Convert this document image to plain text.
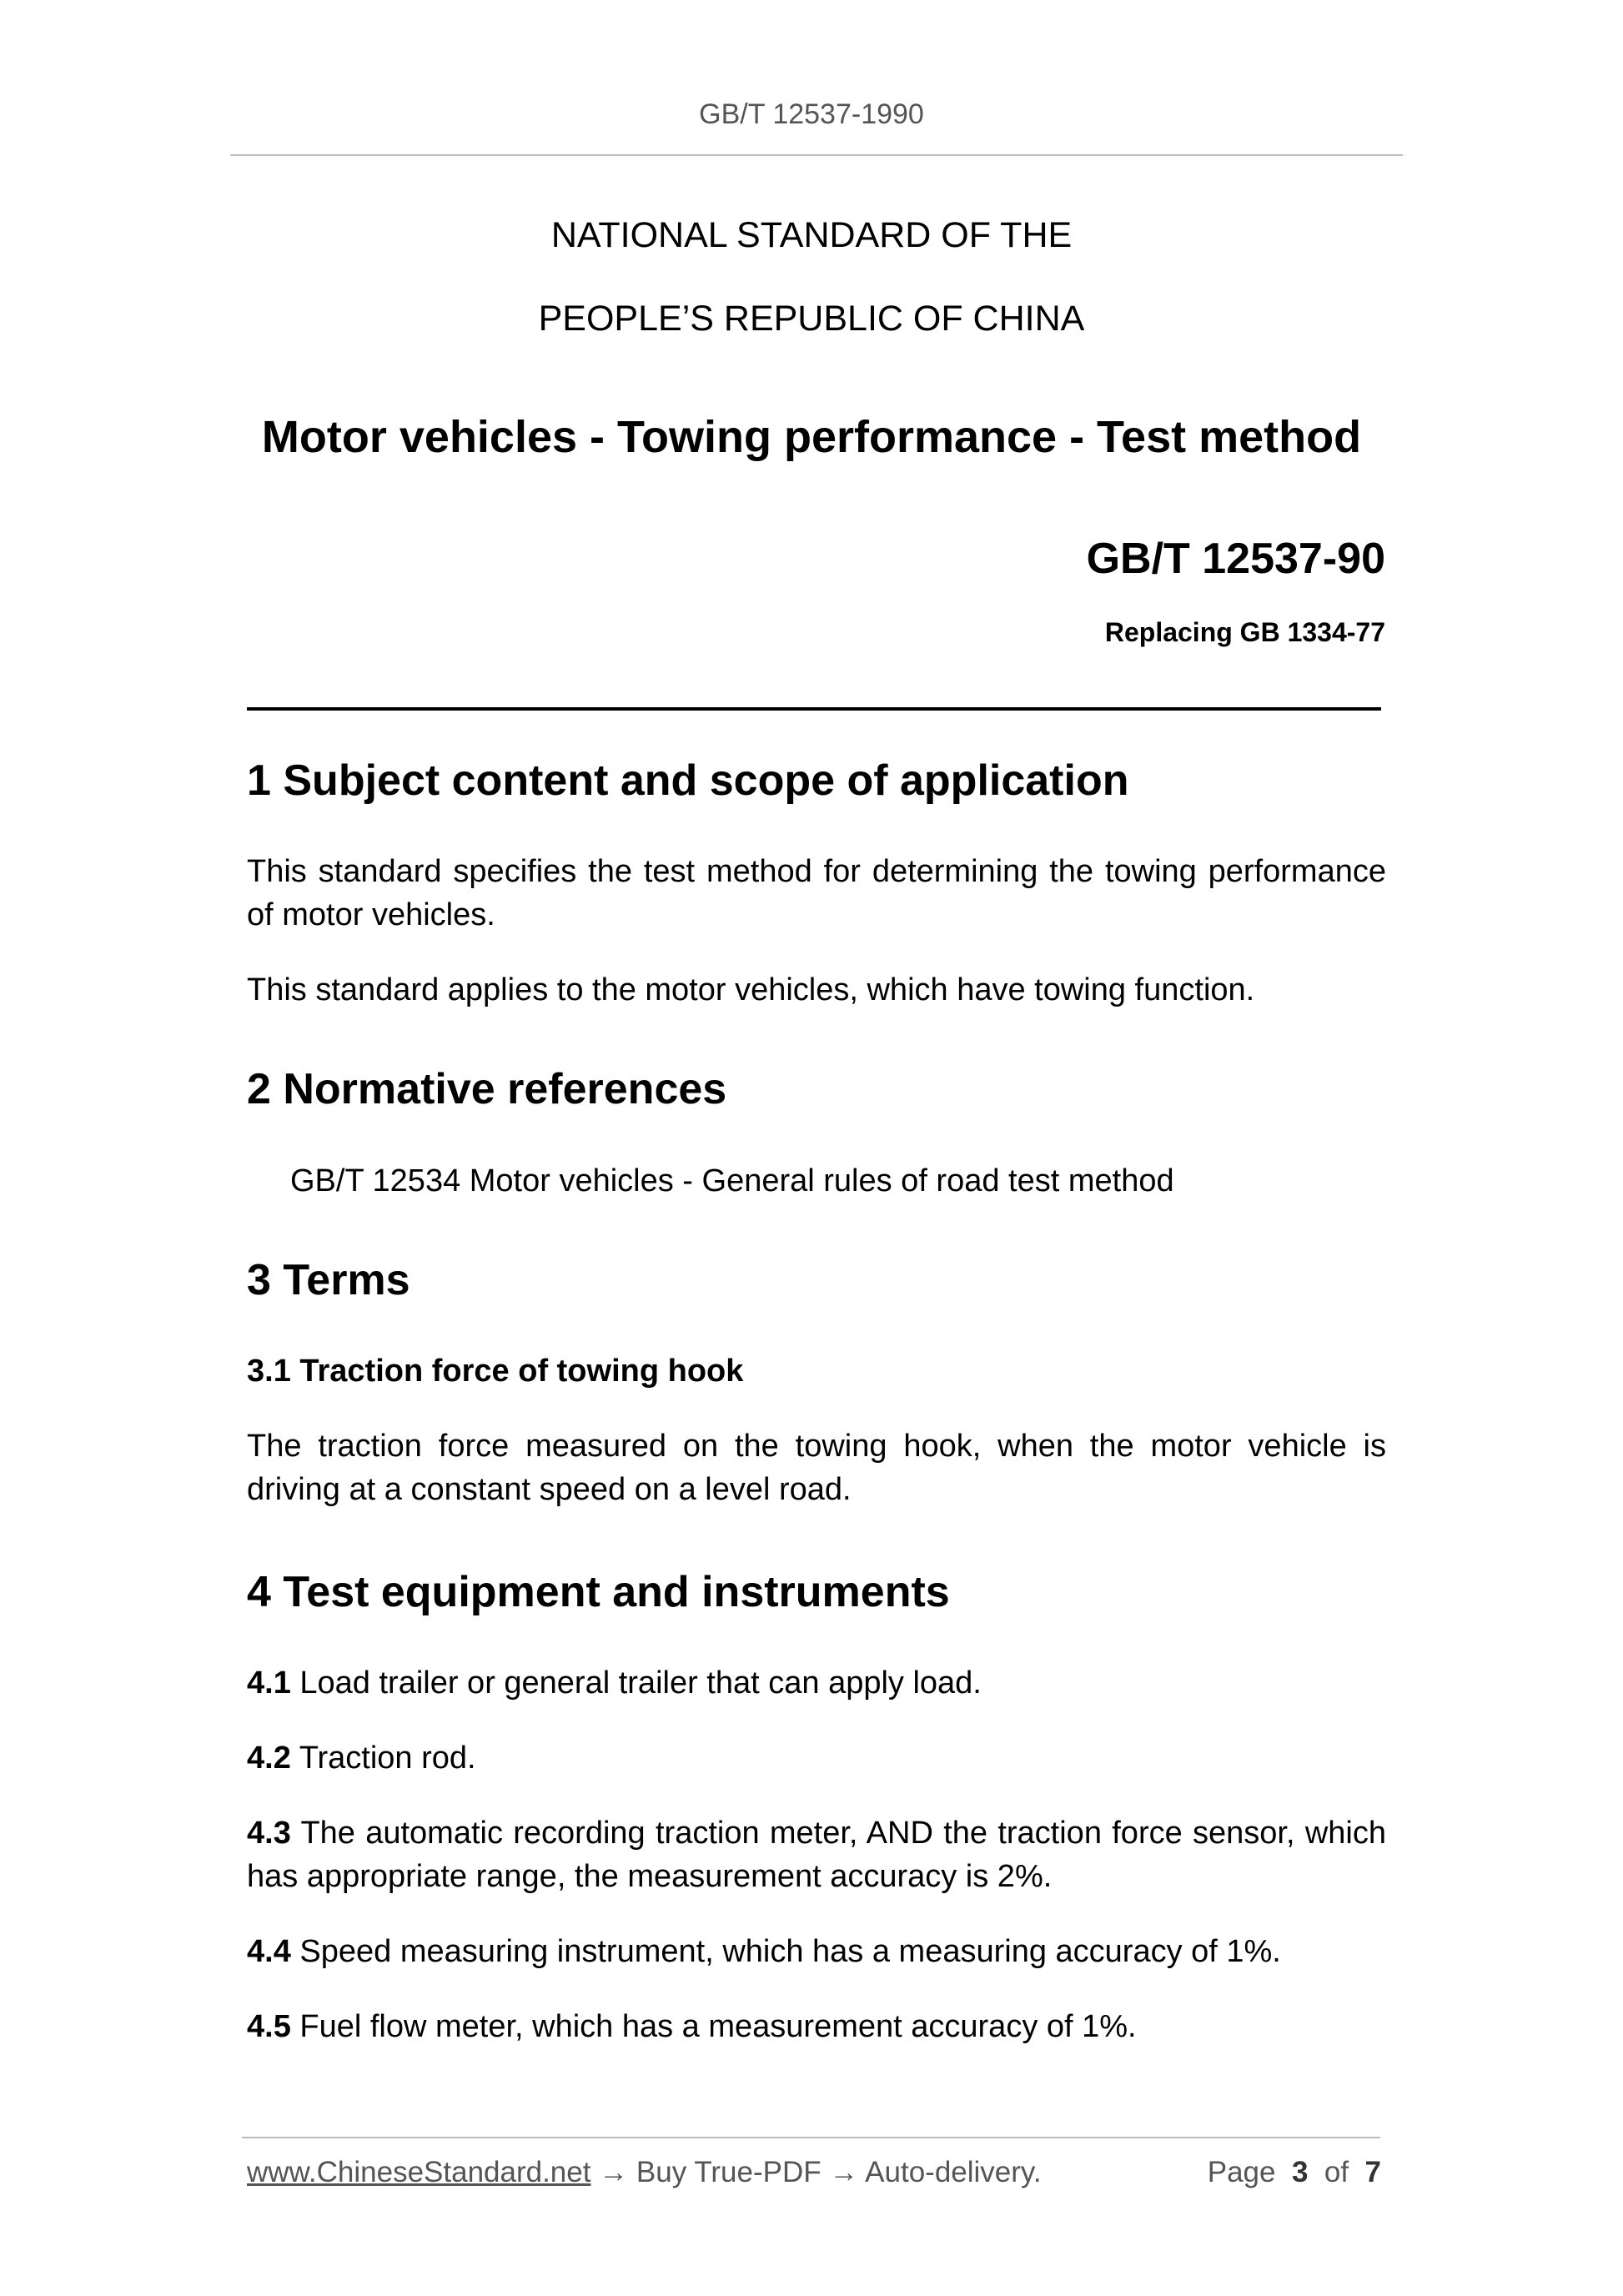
GB/T 12537-1990
NATIONAL STANDARD OF THE
PEOPLE’S REPUBLIC OF CHINA
Motor vehicles - Towing performance - Test method
GB/T 12537-90
Replacing GB 1334-77
1 Subject content and scope of application

This standard specifies the test method for determining the towing performance of motor vehicles.

This standard applies to the motor vehicles, which have towing function.

2 Normative references

GB/T 12534 Motor vehicles - General rules of road test method

3 Terms
3.1 Traction force of towing hook

The traction force measured on the towing hook, when the motor vehicle is driving at a constant speed on a level road.

4 Test equipment and instruments

4.1 Load trailer or general trailer that can apply load.

4.2 Traction rod.

4.3 The automatic recording traction meter, AND the traction force sensor, which has appropriate range, the measurement accuracy is 2%.

4.4 Speed measuring instrument, which has a measuring accuracy of 1%.

4.5 Fuel flow meter, which has a measurement accuracy of 1%.

www.ChineseStandard.net → Buy True-PDF → Auto-delivery.	Page 3 of 7
